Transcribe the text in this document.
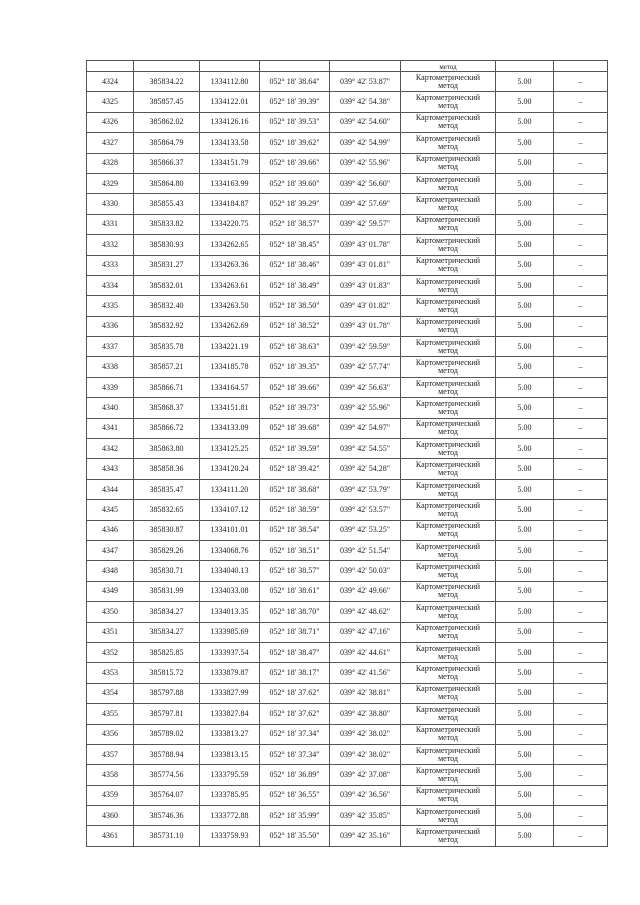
					метод		
4324	385834.22	1334112.80	052° 18' 38.64"	039° 42' 53.87"	Картометрический
метод	5.00	–
4325	385857.45	1334122.01	052° 18' 39.39"	039° 42' 54.38"	Картометрический
метод	5.00	–
4326	385862.02	1334126.16	052° 18' 39.53"	039° 42' 54.60"	Картометрический
метод	5.00	–
4327	385864.79	1334133.58	052° 18' 39.62"	039° 42' 54.99"	Картометрический
метод	5.00	–
4328	385866.37	1334151.79	052° 18' 39.66"	039° 42' 55.96"	Картометрический
метод	5.00	–
4329	385864.80	1334163.99	052° 18' 39.60"	039° 42' 56.60"	Картометрический
метод	5.00	–
4330	385855.43	1334184.87	052° 18' 39.29"	039° 42' 57.69"	Картометрический
метод	5.00	–
4331	385833.82	1334220.75	052° 18' 38.57"	039° 42' 59.57"	Картометрический
метод	5.00	–
4332	385830.93	1334262.65	052° 18' 38.45"	039° 43' 01.78"	Картометрический
метод	5.00	–
4333	385831.27	1334263.36	052° 18' 38.46"	039° 43' 01.81"	Картометрический
метод	5.00	–
4334	385832.01	1334263.61	052° 18' 38.49"	039° 43' 01.83"	Картометрический
метод	5.00	–
4335	385832.40	1334263.50	052° 18' 38.50"	039° 43' 01.82"	Картометрический
метод	5.00	–
4336	385832.92	1334262.69	052° 18' 38.52"	039° 43' 01.78"	Картометрический
метод	5.00	–
4337	385835.78	1334221.19	052° 18' 38.63"	039° 42' 59.59"	Картометрический
метод	5.00	–
4338	385857.21	1334185.78	052° 18' 39.35"	039° 42' 57.74"	Картометрический
метод	5.00	–
4339	385866.71	1334164.57	052° 18' 39.66"	039° 42' 56.63"	Картометрический
метод	5.00	–
4340	385868.37	1334151.81	052° 18' 39.73"	039° 42' 55.96"	Картометрический
метод	5.00	–
4341	385866.72	1334133.09	052° 18' 39.68"	039° 42' 54.97"	Картометрический
метод	5.00	–
4342	385863.80	1334125.25	052° 18' 39.59"	039° 42' 54.55"	Картометрический
метод	5.00	–
4343	385858.36	1334120.24	052° 18' 39.42"	039° 42' 54.28"	Картометрический
метод	5.00	–
4344	385835.47	1334111.20	052° 18' 38.68"	039° 42' 53.79"	Картометрический
метод	5.00	–
4345	385832.65	1334107.12	052° 18' 38.59"	039° 42' 53.57"	Картометрический
метод	5.00	–
4346	385830.87	1334101.01	052° 18' 38.54"	039° 42' 53.25"	Картометрический
метод	5.00	–
4347	385829.26	1334068.76	052° 18' 38.51"	039° 42' 51.54"	Картометрический
метод	5.00	–
4348	385830.71	1334040.13	052° 18' 38.57"	039° 42' 50.03"	Картометрический
метод	5.00	–
4349	385831.99	1334033.08	052° 18' 38.61"	039° 42' 49.66"	Картометрический
метод	5.00	–
4350	385834.27	1334013.35	052° 18' 38.70"	039° 42' 48.62"	Картометрический
метод	5.00	–
4351	385834.27	1333985.69	052° 18' 38.71"	039° 42' 47.16"	Картометрический
метод	5.00	–
4352	385825.85	1333937.54	052° 18' 38.47"	039° 42' 44.61"	Картометрический
метод	5.00	–
4353	385815.72	1333879.87	052° 18' 38.17"	039° 42' 41.56"	Картометрический
метод	5.00	–
4354	385797.88	1333827.99	052° 18' 37.62"	039° 42' 38.81"	Картометрический
метод	5.00	–
4355	385797.81	1333827.84	052° 18' 37.62"	039° 42' 38.80"	Картометрический
метод	5.00	–
4356	385789.02	1333813.27	052° 18' 37.34"	039° 42' 38.02"	Картометрический
метод	5.00	–
4357	385788.94	1333813.15	052° 18' 37.34"	039° 42' 38.02"	Картометрический
метод	5.00	–
4358	385774.56	1333795.59	052° 18' 36.89"	039° 42' 37.08"	Картометрический
метод	5.00	–
4359	385764.07	1333785.95	052° 18' 36.55"	039° 42' 36.56"	Картометрический
метод	5.00	–
4360	385746.36	1333772.88	052° 18' 35.99"	039° 42' 35.85"	Картометрический
метод	5.00	–
4361	385731.10	1333759.93	052° 18' 35.50"	039° 42' 35.16"	Картометрический
метод	5.00	–
